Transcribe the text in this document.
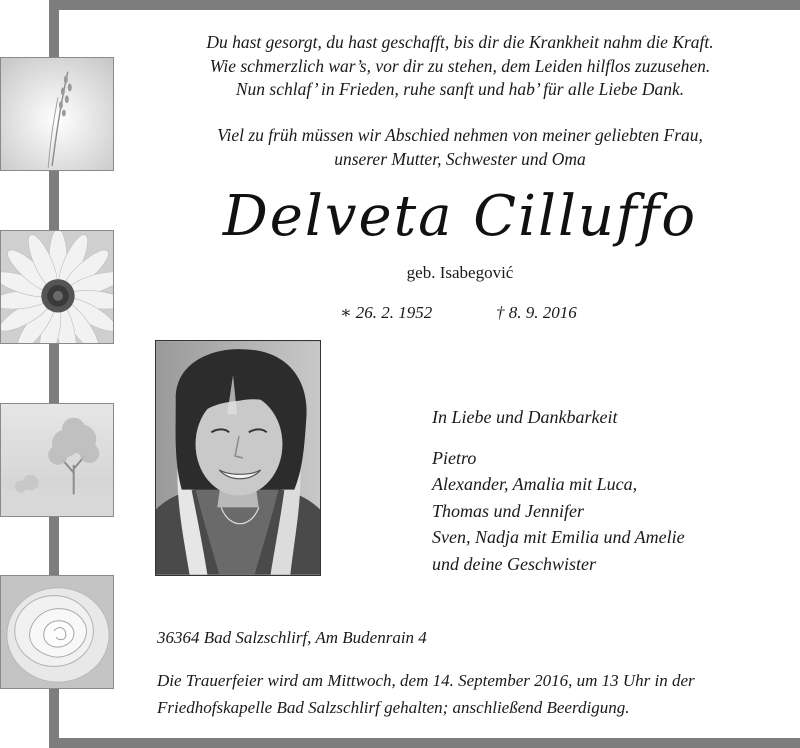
Du hast gesorgt, du hast geschafft, bis dir die Krankheit nahm die Kraft.
Wie schmerzlich war’s, vor dir zu stehen, dem Leiden hilflos zuzusehen.
Nun schlaf’ in Frieden, ruhe sanft und hab’ für alle Liebe Dank.
Viel zu früh müssen wir Abschied nehmen von meiner geliebten Frau,
unserer Mutter, Schwester und Oma
Delveta Cilluffo
geb. Isabegović
∗ 26. 2. 1952	† 8. 9. 2016
In Liebe und Dankbarkeit
Pietro
Alexander, Amalia mit Luca,
Thomas und Jennifer
Sven, Nadja mit Emilia und Amelie
und deine Geschwister
36364 Bad Salzschlirf, Am Budenrain 4
Die Trauerfeier wird am Mittwoch, dem 14. September 2016, um 13 Uhr in der
Friedhofskapelle Bad Salzschlirf gehalten; anschließend Beerdigung.
